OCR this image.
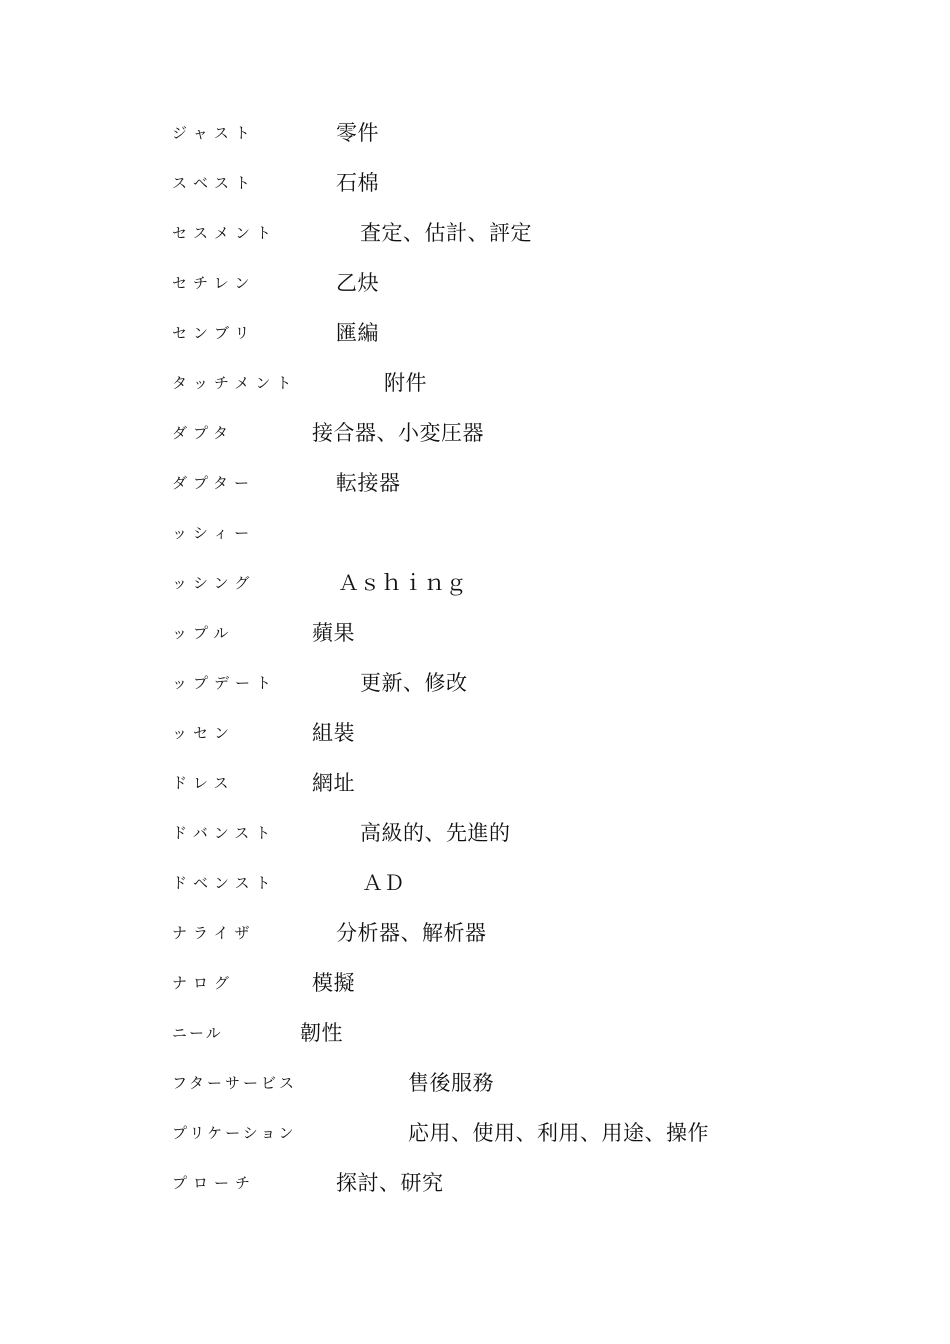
ジャスト	零件
スベスト	石棉
セスメント	査定、估計、評定
セチレン	乙炔
センブリ	匯編
タッチメント	附件
ダプタ	接合器、小変圧器
ダプター	転接器
ッシィー
ッシング	Ａｓｈｉｎｇ
ップル	蘋果
ップデート	更新、修改
ッセン	組裝
ドレス	網址
ドバンスト	高級的、先進的
ドベンスト	ＡＤ
ナライザ	分析器、解析器
ナログ	模擬
ニール	韌性
フターサービス	售後服務
プリケーション	応用、使用、利用、用途、操作
プローチ	探討、研究
